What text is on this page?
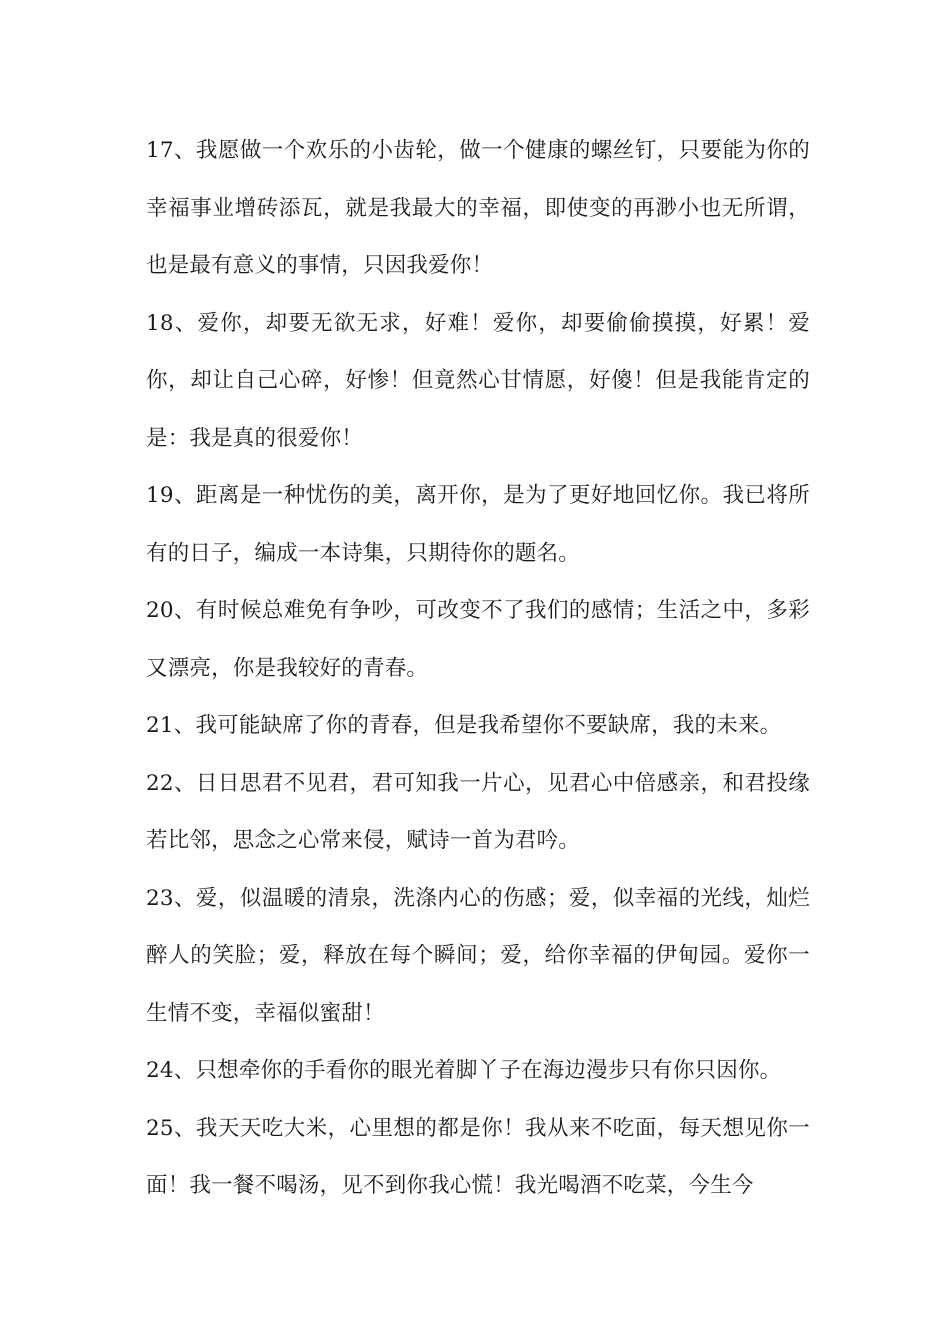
17、我愿做一个欢乐的小齿轮，做一个健康的螺丝钉，只要能为你的幸福事业增砖添瓦，就是我最大的幸福，即使变的再渺小也无所谓，也是最有意义的事情，只因我爱你！

18、爱你，却要无欲无求，好难！爱你，却要偷偷摸摸，好累！爱你，却让自己心碎，好惨！但竟然心甘情愿，好傻！但是我能肯定的是：我是真的很爱你！

19、距离是一种忧伤的美，离开你，是为了更好地回忆你。我已将所有的日子，编成一本诗集，只期待你的题名。

20、有时候总难免有争吵，可改变不了我们的感情；生活之中，多彩又漂亮，你是我较好的青春。

21、我可能缺席了你的青春，但是我希望你不要缺席，我的未来。

22、日日思君不见君，君可知我一片心，见君心中倍感亲，和君投缘若比邻，思念之心常来侵，赋诗一首为君吟。

23、爱，似温暖的清泉，洗涤内心的伤感；爱，似幸福的光线，灿烂醉人的笑脸；爱，释放在每个瞬间；爱，给你幸福的伊甸园。爱你一生情不变，幸福似蜜甜！

24、只想牵你的手看你的眼光着脚丫子在海边漫步只有你只因你。

25、我天天吃大米，心里想的都是你！我从来不吃面，每天想见你一面！我一餐不喝汤，见不到你我心慌！我光喝酒不吃菜，今生今
